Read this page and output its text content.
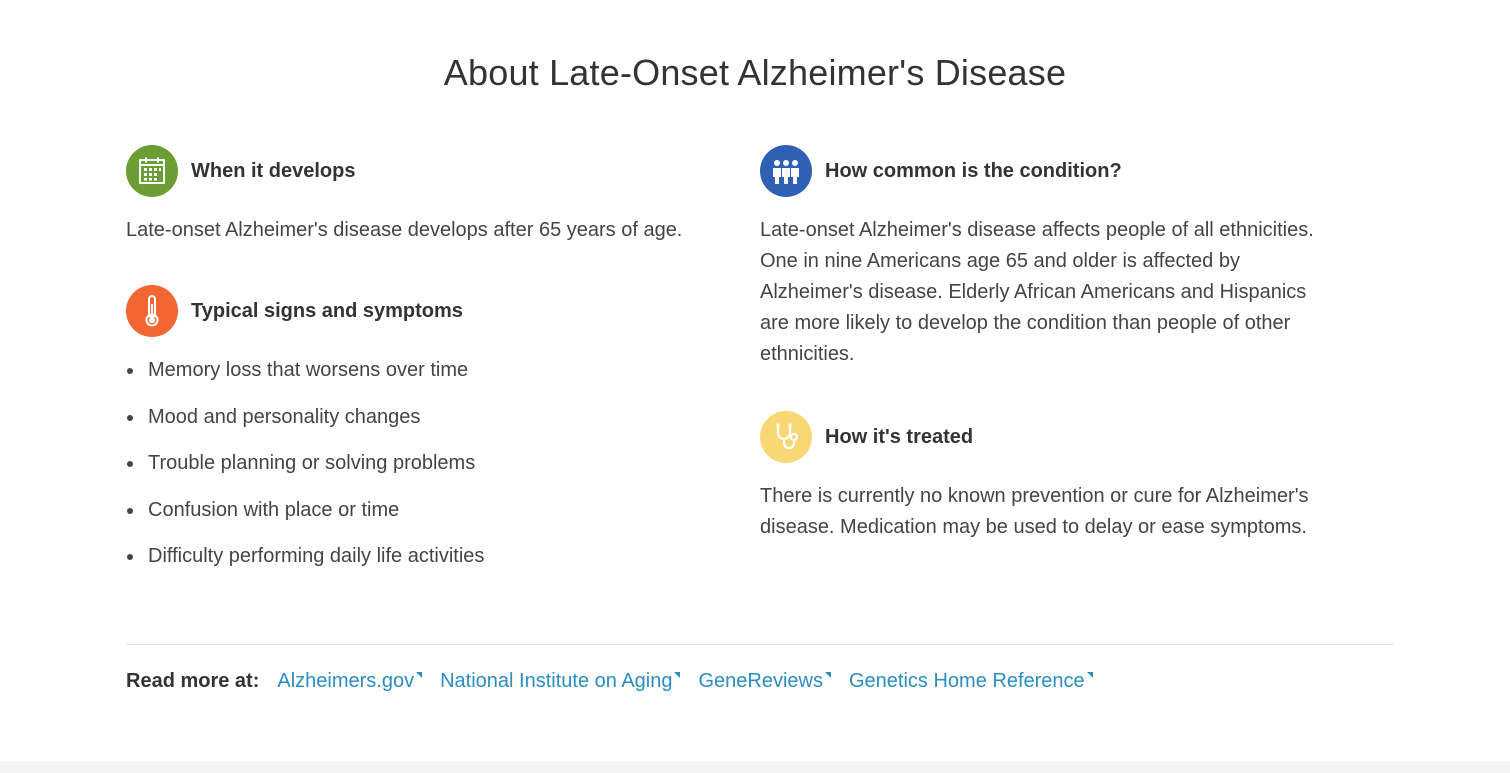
About Late-Onset Alzheimer's Disease
When it develops

Late-onset Alzheimer's disease develops after 65 years of age.

Typical signs and symptoms
Memory loss that worsens over time
Mood and personality changes
Trouble planning or solving problems
Confusion with place or time
Difficulty performing daily life activities
How common is the condition?

Late-onset Alzheimer's disease affects people of all ethnicities. One in nine Americans age 65 and older is affected by Alzheimer's disease. Elderly African Americans and Hispanics are more likely to develop the condition than people of other ethnicities.

How it's treated

There is currently no known prevention or cure for Alzheimer's disease. Medication may be used to delay or ease symptoms.

Read more at: Alzheimers.gov National Institute on Aging GeneReviews Genetics Home Reference
